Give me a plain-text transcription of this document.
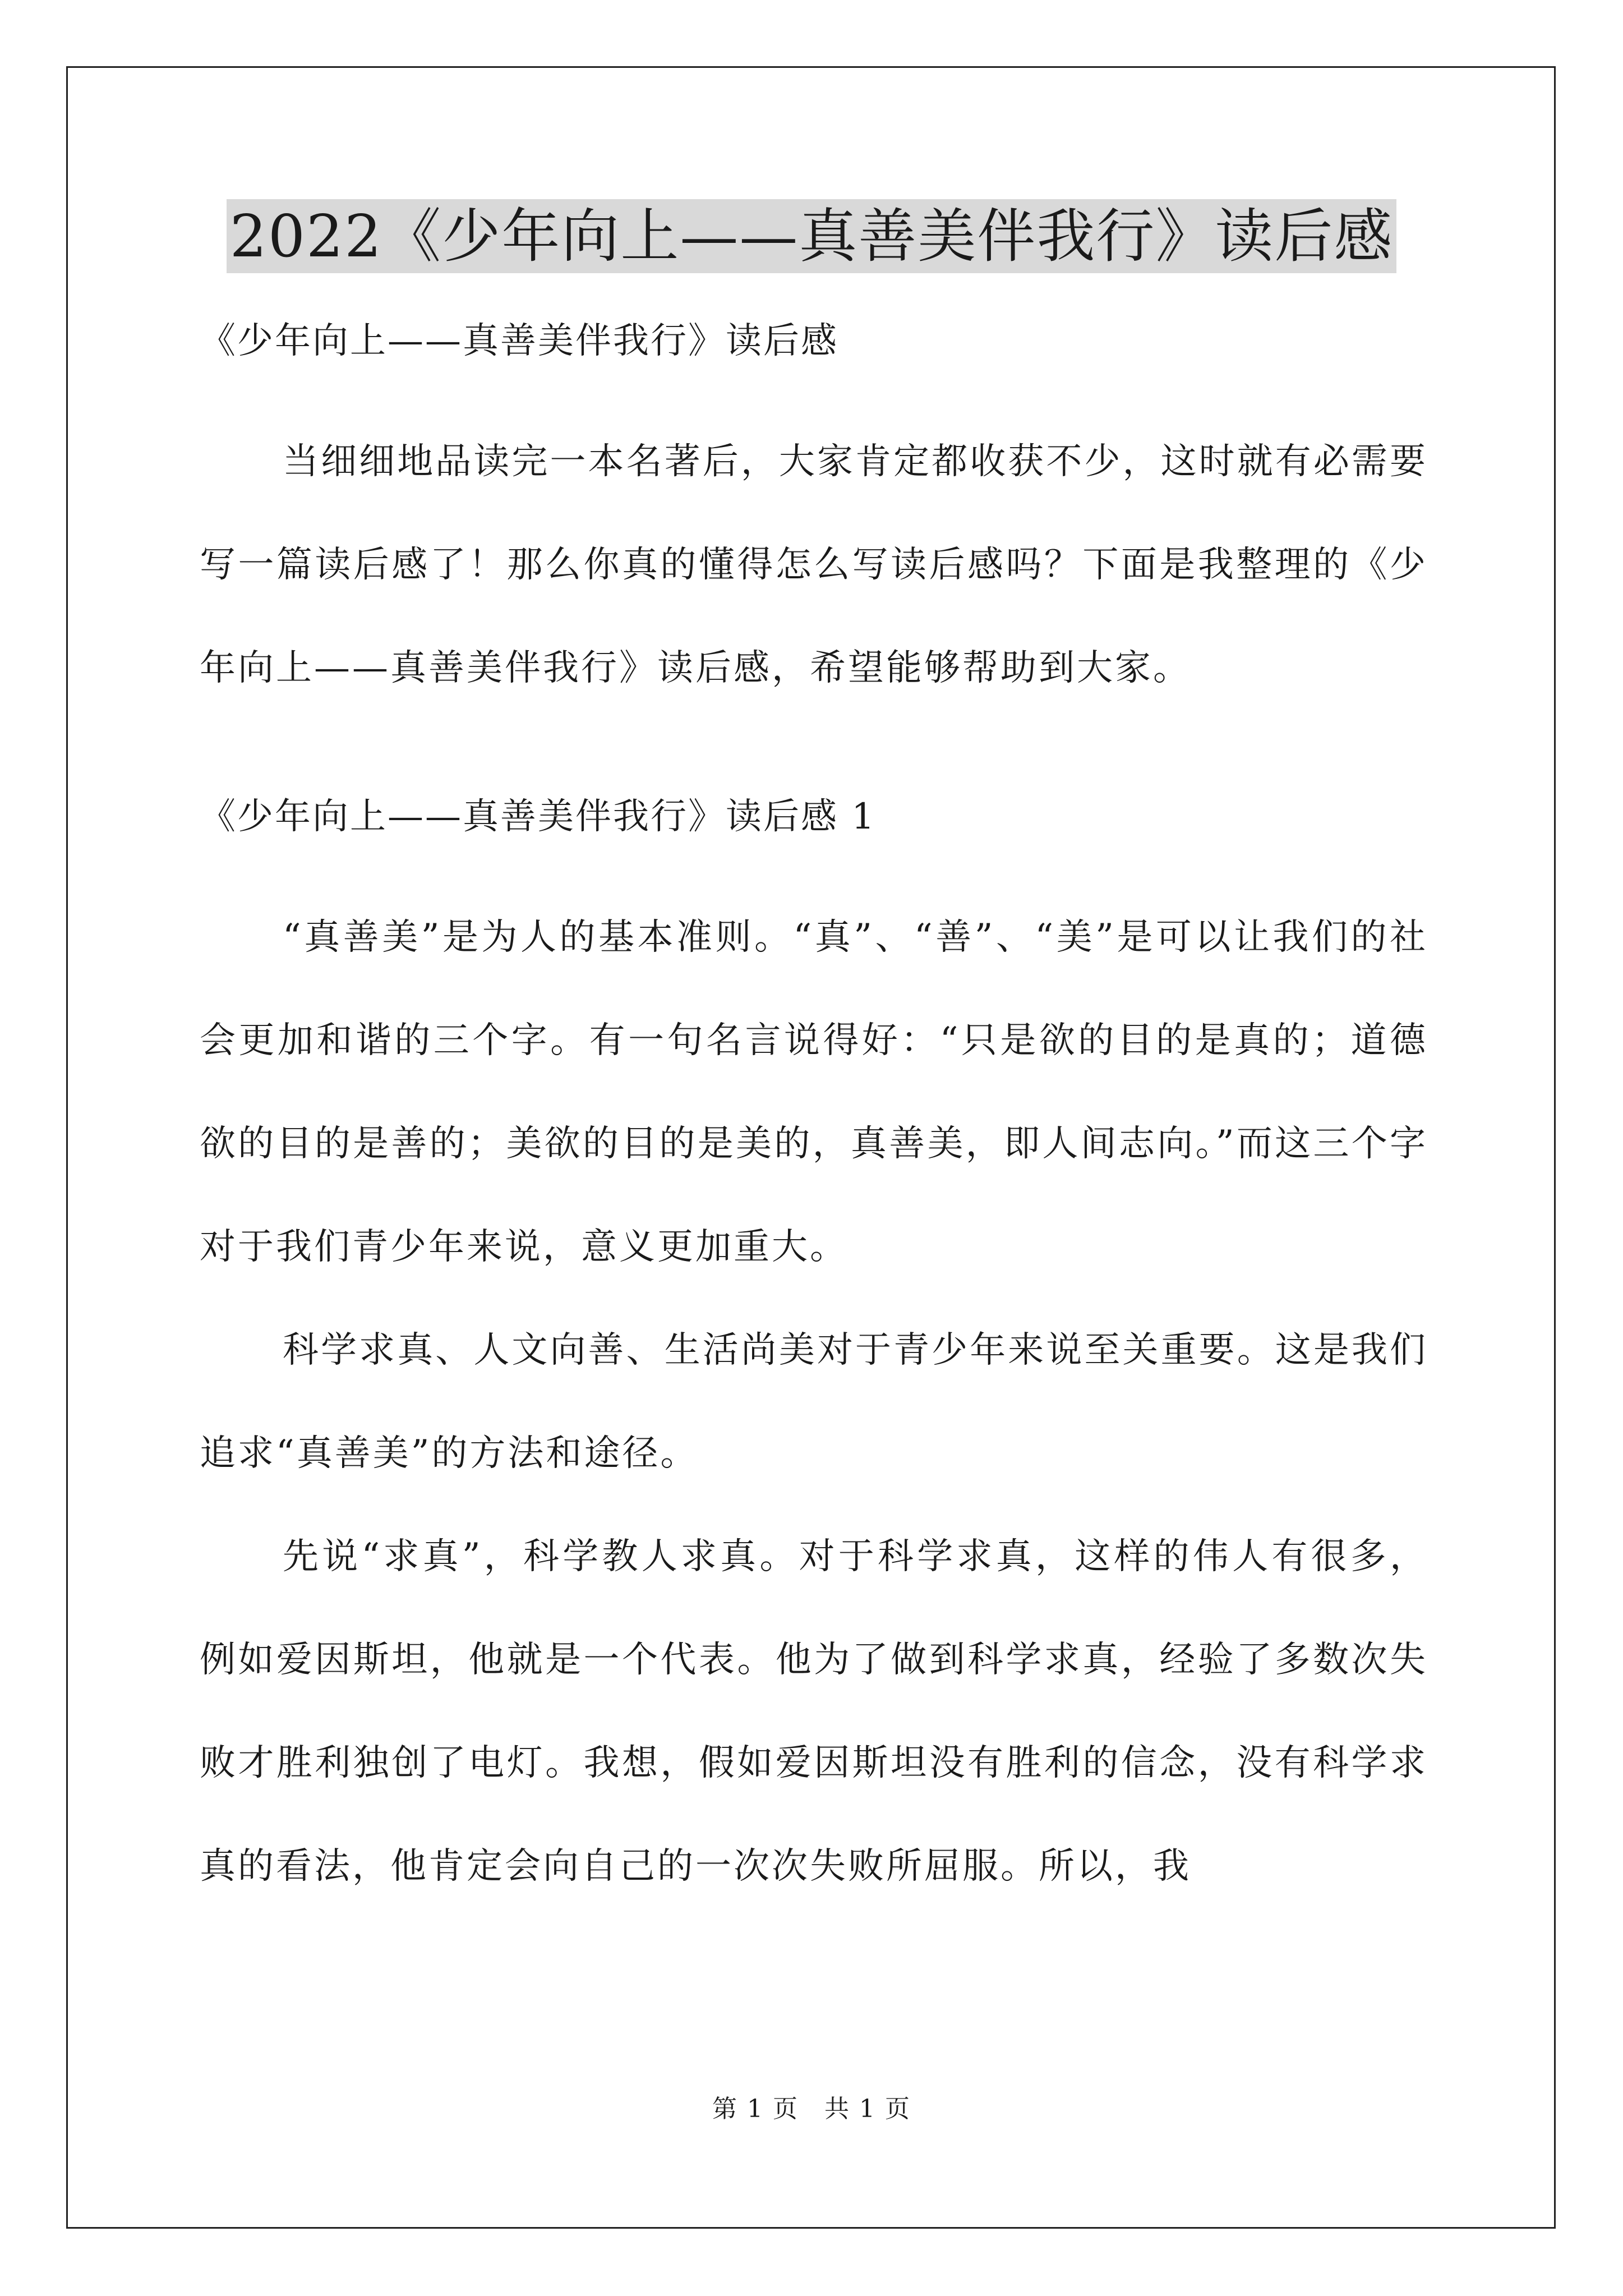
2022《少年向上——真善美伴我行》读后感
《少年向上——真善美伴我行》读后感

当细细地品读完一本名著后，大家肯定都收获不少，这时就有必需要写一篇读后感了！那么你真的懂得怎么写读后感吗？下面是我整理的《少年向上——真善美伴我行》读后感，希望能够帮助到大家。

《少年向上——真善美伴我行》读后感 1

“真善美”是为人的基本准则。“真”、“善”、“美”是可以让我们的社会更加和谐的三个字。有一句名言说得好：“只是欲的目的是真的；道德欲的目的是善的；美欲的目的是美的，真善美，即人间志向。”而这三个字对于我们青少年来说，意义更加重大。

科学求真、人文向善、生活尚美对于青少年来说至关重要。这是我们追求“真善美”的方法和途径。

先说“求真”，科学教人求真。对于科学求真，这样的伟人有很多，例如爱因斯坦，他就是一个代表。他为了做到科学求真，经验了多数次失败才胜利独创了电灯。我想，假如爱因斯坦没有胜利的信念，没有科学求真的看法，他肯定会向自己的一次次失败所屈服。所以，我

第 1 页　共 1 页
